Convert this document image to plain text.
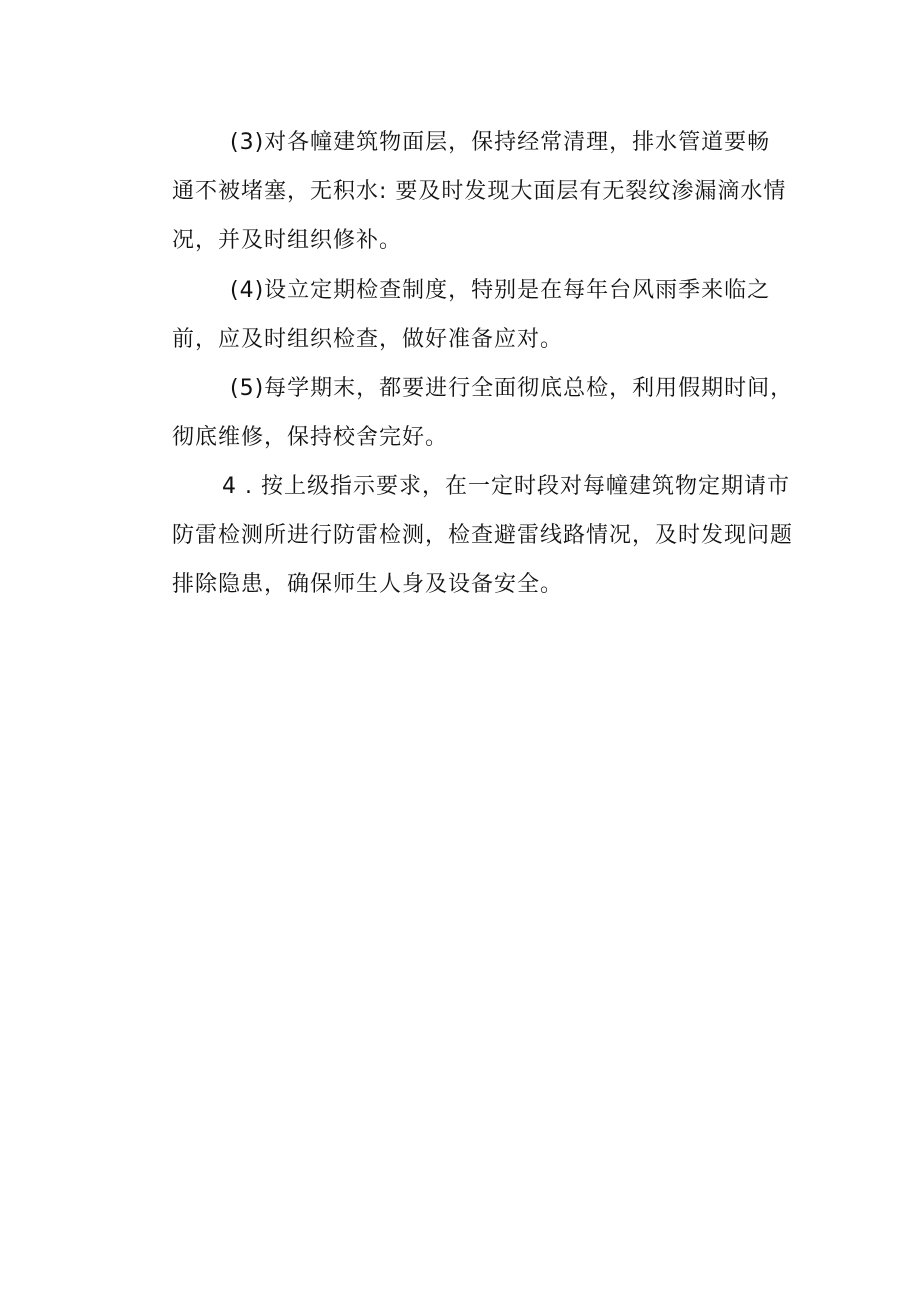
(3)对各幢建筑物面层，保持经常清理，排水管道要畅
通不被堵塞，无积水: 要及时发现大面层有无裂纹渗漏滴水情
况，并及时组织修补。
(4)设立定期检查制度，特别是在每年台风雨季来临之
前，应及时组织检查，做好准备应对。
(5)每学期末，都要进行全面彻底总检，利用假期时间，
彻底维修，保持校舍完好。
4 . 按上级指示要求，在一定时段对每幢建筑物定期请市
防雷检测所进行防雷检测，检查避雷线路情况，及时发现问题
排除隐患，确保师生人身及设备安全。
